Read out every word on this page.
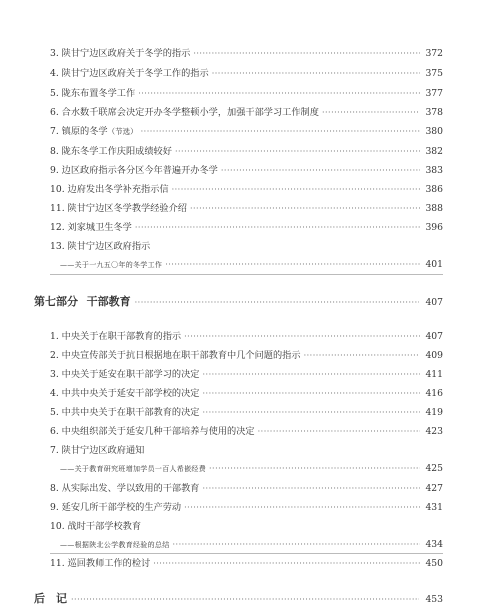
3. 陕甘宁边区政府关于冬学的指示 ·····	372
4. 陕甘宁边区政府关于冬学工作的指示 ·····	375
5. 陇东布置冬学工作 ·····	377
6. 合水数千联席会决定开办冬学整顿小学，加强干部学习工作制度 ·····	378
7. 镇原的冬学（节选） ·····	380
8. 陇东冬学工作庆阳成绩较好 ·····	382
9. 边区政府指示各分区今年普遍开办冬学 ·····	383
10. 边府发出冬学补充指示信 ·····	386
11. 陕甘宁边区冬学教学经验介绍 ·····	388
12. 刘家城卫生冬学 ·····	396
13. 陕甘宁边区政府指示
——关于一九五〇年的冬学工作 ·····	401
第七部分 干部教育 ·····	407
1. 中央关于在职干部教育的指示 ·····	407
2. 中央宣传部关于抗日根据地在职干部教育中几个问题的指示 ·····	409
3. 中央关于延安在职干部学习的决定 ·····	411
4. 中共中央关于延安干部学校的决定 ·····	416
5. 中共中央关于在职干部教育的决定 ·····	419
6. 中央组织部关于延安几种干部培养与使用的决定 ·····	423
7. 陕甘宁边区政府通知
——关于教育研究班增加学员一百人希嵌经费 ·····	425
8. 从实际出发、学以致用的干部教育 ·····	427
9. 延安几所干部学校的生产劳动 ·····	431
10. 战时干部学校教育
——根据陕北公学教育经验的总结 ·····	434
11. 巡回教师工作的检讨 ·····	450
后　记 ·····	453
